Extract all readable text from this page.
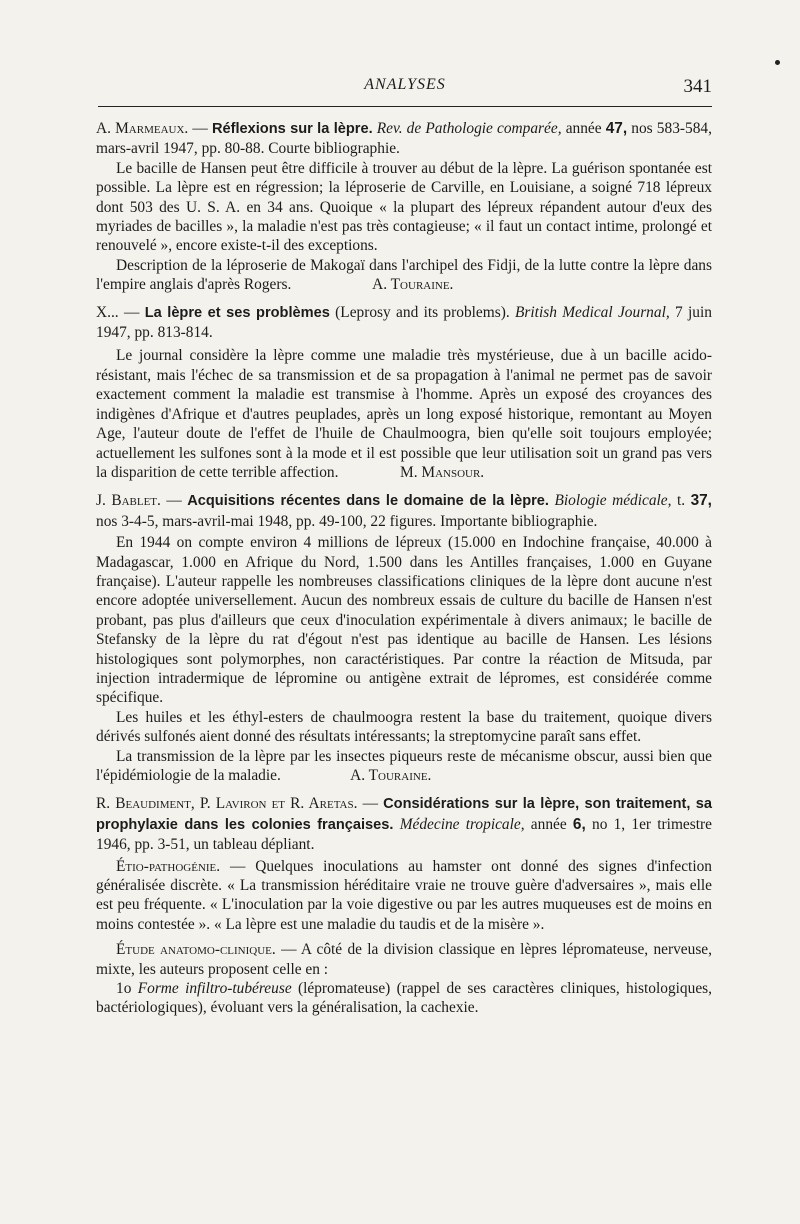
ANALYSES	341

A. Marmeaux. — Réflexions sur la lèpre. Rev. de Pathologie comparée, année 47, nos 583-584, mars-avril 1947, pp. 80-88. Courte bibliographie.

Le bacille de Hansen peut être difficile à trouver au début de la lèpre. La guérison spontanée est possible. La lèpre est en régression; la léproserie de Carville, en Louisiane, a soigné 718 lépreux dont 503 des U. S. A. en 34 ans. Quoique « la plupart des lépreux répandent autour d'eux des myriades de bacilles », la maladie n'est pas très contagieuse; « il faut un contact intime, prolongé et renouvelé », encore existe-t-il des exceptions.

Description de la léproserie de Makogaï dans l'archipel des Fidji, de la lutte contre la lèpre dans l'empire anglais d'après Rogers.	A. Touraine.

X... — La lèpre et ses problèmes (Leprosy and its problems). British Medical Journal, 7 juin 1947, pp. 813-814.

Le journal considère la lèpre comme une maladie très mystérieuse, due à un bacille acido-résistant, mais l'échec de sa transmission et de sa propagation à l'animal ne permet pas de savoir exactement comment la maladie est transmise à l'homme. Après un exposé des croyances des indigènes d'Afrique et d'autres peuplades, après un long exposé historique, remontant au Moyen Age, l'auteur doute de l'effet de l'huile de Chaulmoogra, bien qu'elle soit toujours employée; actuellement les sulfones sont à la mode et il est possible que leur utilisation soit un grand pas vers la disparition de cette terrible affection.	M. Mansour.

J. Bablet. — Acquisitions récentes dans le domaine de la lèpre. Biologie médicale, t. 37, nos 3-4-5, mars-avril-mai 1948, pp. 49-100, 22 figures. Importante bibliographie.

En 1944 on compte environ 4 millions de lépreux (15.000 en Indochine française, 40.000 à Madagascar, 1.000 en Afrique du Nord, 1.500 dans les Antilles françaises, 1.000 en Guyane française). L'auteur rappelle les nombreuses classifications cliniques de la lèpre dont aucune n'est encore adoptée universellement. Aucun des nombreux essais de culture du bacille de Hansen n'est probant, pas plus d'ailleurs que ceux d'inoculation expérimentale à divers animaux; le bacille de Stefansky de la lèpre du rat d'égout n'est pas identique au bacille de Hansen. Les lésions histologiques sont polymorphes, non caractéristiques. Par contre la réaction de Mitsuda, par injection intradermique de lépromine ou antigène extrait de lépromes, est considérée comme spécifique.

Les huiles et les éthyl-esters de chaulmoogra restent la base du traitement, quoique divers dérivés sulfonés aient donné des résultats intéressants; la streptomycine paraît sans effet.

La transmission de la lèpre par les insectes piqueurs reste de mécanisme obscur, aussi bien que l'épidémiologie de la maladie.	A. Touraine.

R. Beaudiment, P. Laviron et R. Aretas. — Considérations sur la lèpre, son traitement, sa prophylaxie dans les colonies françaises. Médecine tropicale, année 6, no 1, 1er trimestre 1946, pp. 3-51, un tableau dépliant.

Étio-pathogénie. — Quelques inoculations au hamster ont donné des signes d'infection généralisée discrète. « La transmission héréditaire vraie ne trouve guère d'adversaires », mais elle est peu fréquente. « L'inoculation par la voie digestive ou par les autres muqueuses est de moins en moins contestée ». « La lèpre est une maladie du taudis et de la misère ».

Étude anatomo-clinique. — A côté de la division classique en lèpres lépromateuse, nerveuse, mixte, les auteurs proposent celle en :

1o Forme infiltro-tubéreuse (lépromateuse) (rappel de ses caractères cliniques, histologiques, bactériologiques), évoluant vers la généralisation, la cachexie.
